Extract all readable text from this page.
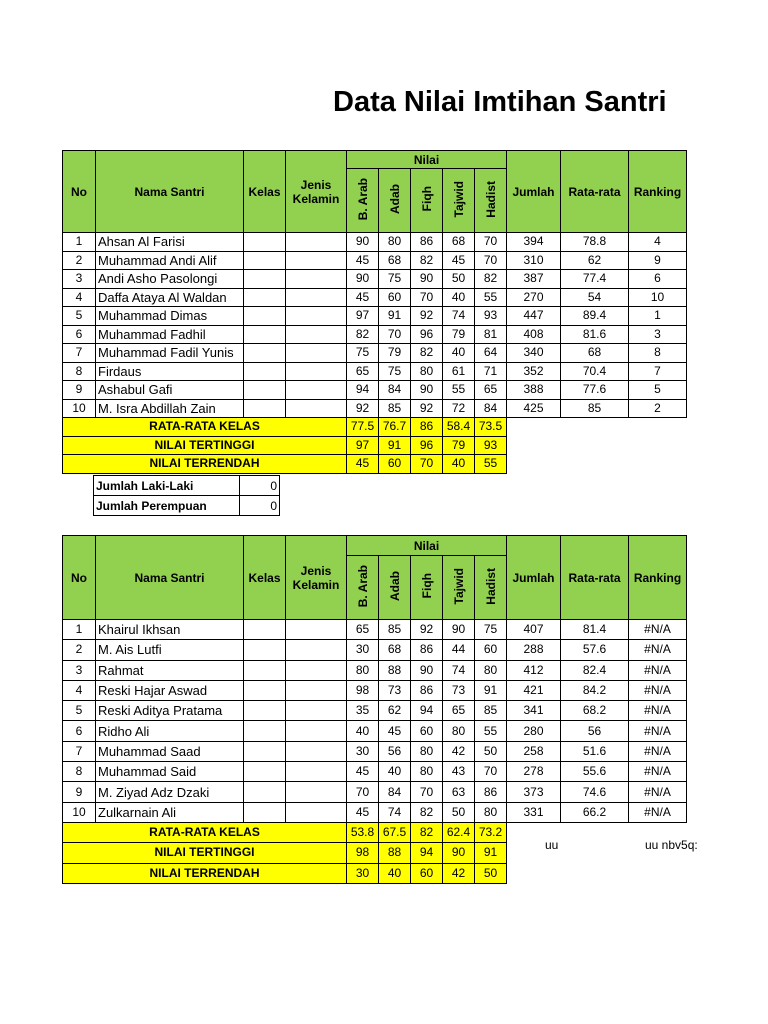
Data Nilai Imtihan Santri
No	Nama Santri	Kelas	Jenis Kelamin	Nilai					Jumlah	Rata-rata	Ranking
				B. Arab	Adab	Fiqh	Tajwid	Hadist			
1	Ahsan Al Farisi			90	80	86	68	70	394	78.8	4
2	Muhammad Andi Alif			45	68	82	45	70	310	62	9
3	Andi Asho Pasolongi			90	75	90	50	82	387	77.4	6
4	Daffa Ataya Al Waldan			45	60	70	40	55	270	54	10
5	Muhammad Dimas			97	91	92	74	93	447	89.4	1
6	Muhammad Fadhil			82	70	96	79	81	408	81.6	3
7	Muhammad Fadil Yunis			75	79	82	40	64	340	68	8
8	Firdaus			65	75	80	61	71	352	70.4	7
9	Ashabul Gafi			94	84	90	55	65	388	77.6	5
10	M. Isra Abdillah Zain			92	85	92	72	84	425	85	2
RATA-RATA KELAS				77.5	76.7	86	58.4	73.5			
NILAI TERTINGGI				97	91	96	79	93			
NILAI TERRENDAH				45	60	70	40	55			
Jumlah Laki-Laki	0
Jumlah Perempuan	0
No	Nama Santri	Kelas	Jenis Kelamin	Nilai					Jumlah	Rata-rata	Ranking
				B. Arab	Adab	Fiqh	Tajwid	Hadist			
1	Khairul Ikhsan			65	85	92	90	75	407	81.4	#N/A
2	M. Ais Lutfi			30	68	86	44	60	288	57.6	#N/A
3	Rahmat			80	88	90	74	80	412	82.4	#N/A
4	Reski Hajar Aswad			98	73	86	73	91	421	84.2	#N/A
5	Reski Aditya Pratama			35	62	94	65	85	341	68.2	#N/A
6	Ridho Ali			40	45	60	80	55	280	56	#N/A
7	Muhammad Saad			30	56	80	42	50	258	51.6	#N/A
8	Muhammad Said			45	40	80	43	70	278	55.6	#N/A
9	M. Ziyad Adz Dzaki			70	84	70	63	86	373	74.6	#N/A
10	Zulkarnain Ali			45	74	82	50	80	331	66.2	#N/A
RATA-RATA KELAS				53.8	67.5	82	62.4	73.2			
NILAI TERTINGGI				98	88	94	90	91			
NILAI TERRENDAH				30	40	60	42	50			
uu	uu nbv5q:
